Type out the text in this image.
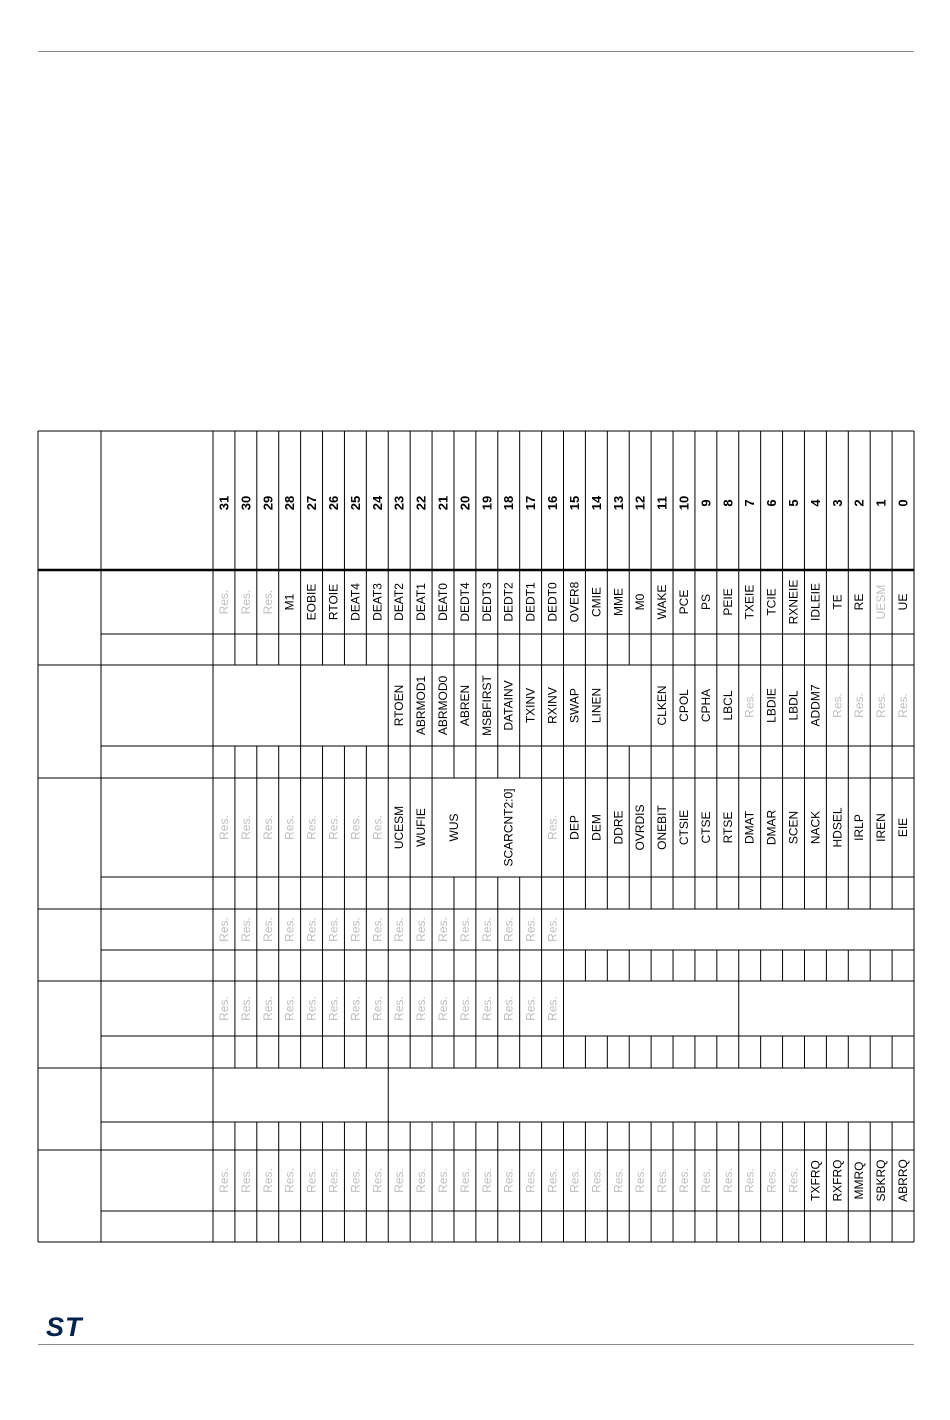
31 30 29 28 27 26 25 24 23 22 21 20 19 18 17 16 15 14 13 12 11 10 9 8 7 6 5 4 3 2 1 0
Res. Res. Res. M1 EOBIE RTOIE DEAT4 DEAT3 DEAT2 DEAT1 DEAT0 DEDT4 DEDT3 DEDT2 DEDT1 DEDT0 OVER8 CMIE MME M0 WAKE PCE PS PEIE TXEIE TCIE RXNEIE IDLEIE TE RE UESM UE
RTOEN ABRMOD1 ABRMOD0 ABREN MSBFIRST DATAINV TXINV RXINV SWAP LINEN	CLKEN CPOL CPHA LBCL Res. LBDIE LBDL ADDM7 Res. Res. Res. Res.
Res. Res. Res. Res. Res. Res. Res. Res. UCESM WUFIE WUS	SCARCNT2:0] Res. DEP DEM DDRE OVRDIS ONEBIT CTSIE CTSE RTSE DMAT DMAR SCEN NACK HDSEL IRLP IREN EIE
Res. Res. Res. Res. Res. Res. Res. Res. Res. Res. Res. Res. Res. Res. Res. Res.
Res. Res. Res. Res. Res. Res. Res. Res. Res. Res. Res. Res. Res. Res. Res. Res.
Res. Res. Res. Res. Res. Res. Res. Res. Res. Res. Res. Res. Res. Res. Res. Res. Res. Res. Res. Res. Res. Res. Res. Res. Res. Res. Res. TXFRQ RXFRQ MMRQ SBKRQ ABRRQ
ST
